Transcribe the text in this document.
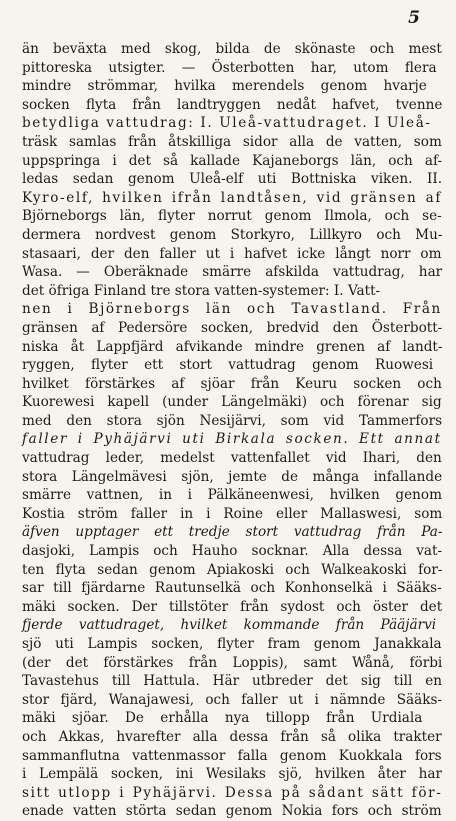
5
än beväxta med skog, bilda de skönaste och mest
pittoreska utsigter. — Österbotten har, utom flera
mindre strömmar, hvilka merendels genom hvarje
socken flyta från landtryggen nedåt hafvet, tvenne
betydliga vattudrag: I. Uleå-vattudraget. I Uleå-
träsk samlas från åtskilliga sidor alla de vatten, som
uppspringa i det så kallade Kajaneborgs län, och af-
ledas sedan genom Uleå-elf uti Bottniska viken. II.
Kyro-elf, hvilken ifrån landtåsen, vid gränsen af
Björneborgs län, flyter norrut genom Ilmola, och se-
dermera nordvest genom Storkyro, Lillkyro och Mu-
stasaari, der den faller ut i hafvet icke långt norr om
Wasa. — Oberäknade smärre afskilda vattudrag, har
det öfriga Finland tre stora vatten-systemer: I. Vatt-
nen i Björneborgs län och Tavastland. Från
gränsen af Pedersöre socken, bredvid den Österbott-
niska åt Lappfjärd afvikande mindre grenen af landt-
ryggen, flyter ett stort vattudrag genom Ruowesi
hvilket förstärkes af sjöar från Keuru socken och
Kuorewesi kapell (under Längelmäki) och förenar sig
med den stora sjön Nesijärvi, som vid Tammerfors
faller i Pyhäjärvi uti Birkala socken. Ett annat
vattudrag leder, medelst vattenfallet vid Ihari, den
stora Längelmävesi sjön, jemte de många infallande
smärre vattnen, in i Pälkäneenwesi, hvilken genom
Kostia ström faller in i Roine eller Mallaswesi, som
äfven upptager ett tredje stort vattudrag från Pa-
dasjoki, Lampis och Hauho socknar. Alla dessa vat-
ten flyta sedan genom Apiakoski och Walkeakoski for-
sar till fjärdarne Rautunselkä och Konhonselkä i Sääks-
mäki socken. Der tillstöter från sydost och öster det
fjerde vattudraget, hvilket kommande från Pääjärvi
sjö uti Lampis socken, flyter fram genom Janakkala
(der det förstärkes från Loppis), samt Wånå, förbi
Tavastehus till Hattula. Här utbreder det sig till en
stor fjärd, Wanajawesi, och faller ut i nämnde Sääks-
mäki sjöar. De erhålla nya tillopp från Urdiala
och Akkas, hvarefter alla dessa från så olika trakter
sammanflutna vattenmassor falla genom Kuokkala fors
i Lempälä socken, ini Wesilaks sjö, hvilken åter har
sitt utlopp i Pyhäjärvi. Dessa på sådant sätt för-
enade vatten störta sedan genom Nokia fors och ström
